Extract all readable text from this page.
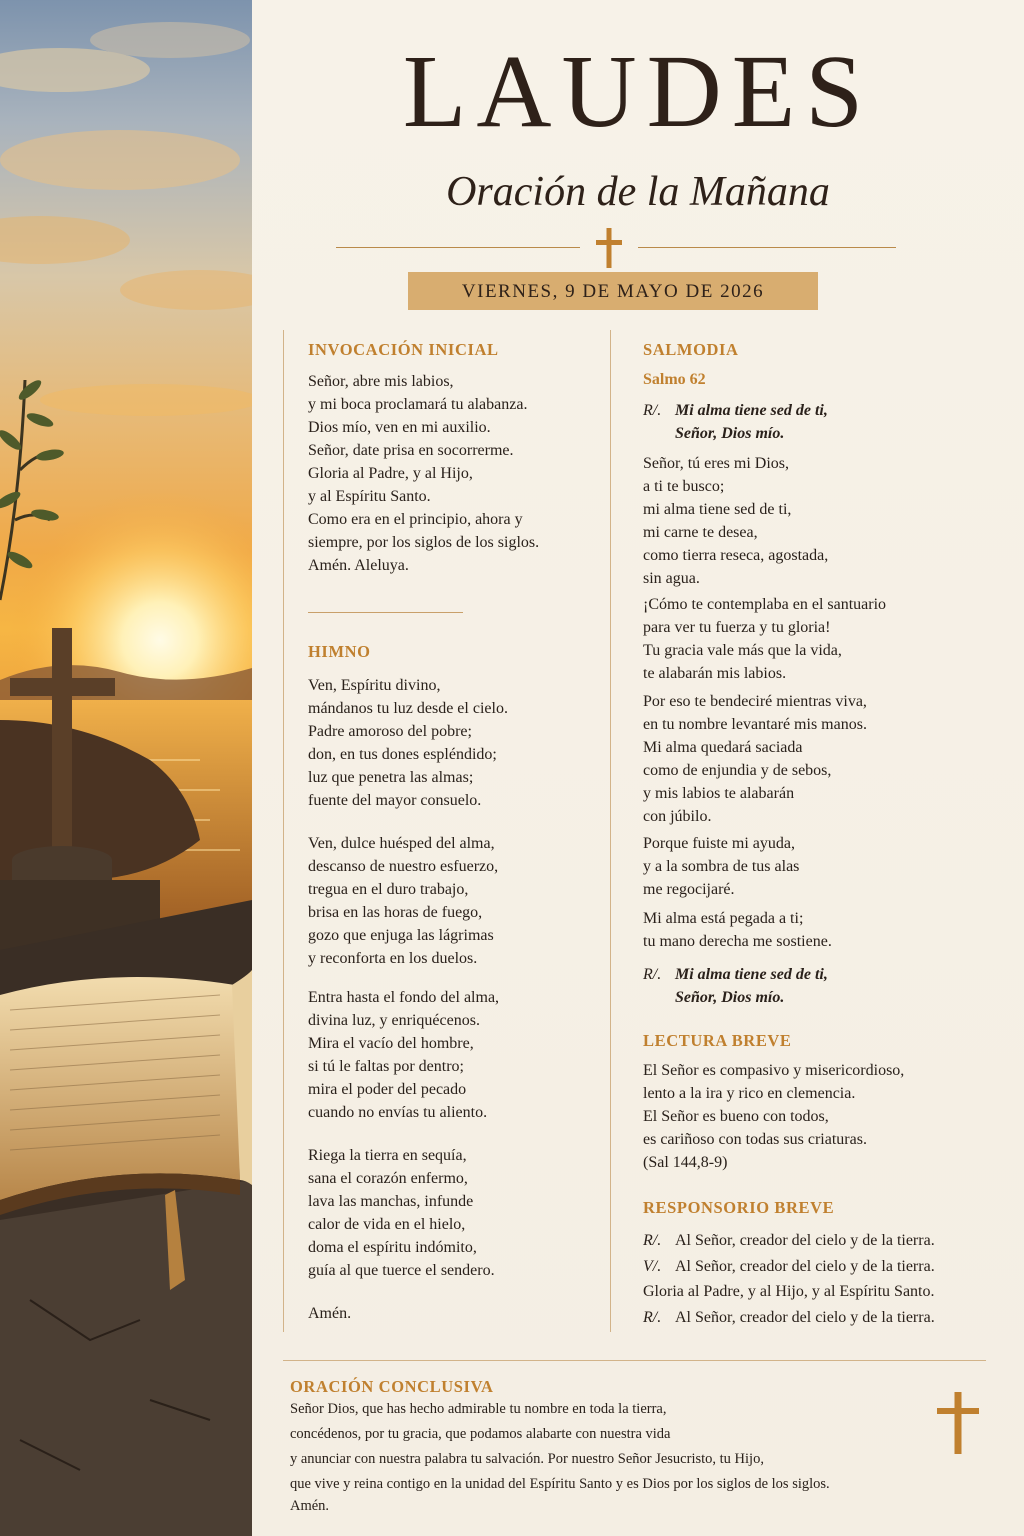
LAUDES
Oración de la Mañana
VIERNES, 9 DE MAYO DE 2026
INVOCACIÓN INICIAL
Señor, abre mis labios,
y mi boca proclamará tu alabanza.
Dios mío, ven en mi auxilio.
Señor, date prisa en socorrerme.
Gloria al Padre, y al Hijo,
y al Espíritu Santo.
Como era en el principio, ahora y
siempre, por los siglos de los siglos.
Amén. Aleluya.
HIMNO
Ven, Espíritu divino,
mándanos tu luz desde el cielo.
Padre amoroso del pobre;
don, en tus dones espléndido;
luz que penetra las almas;
fuente del mayor consuelo.
Ven, dulce huésped del alma,
descanso de nuestro esfuerzo,
tregua en el duro trabajo,
brisa en las horas de fuego,
gozo que enjuga las lágrimas
y reconforta en los duelos.
Entra hasta el fondo del alma,
divina luz, y enriquécenos.
Mira el vacío del hombre,
si tú le faltas por dentro;
mira el poder del pecado
cuando no envías tu aliento.
Riega la tierra en sequía,
sana el corazón enfermo,
lava las manchas, infunde
calor de vida en el hielo,
doma el espíritu indómito,
guía al que tuerce el sendero.
Amén.
SALMODIA
Salmo 62
R/. Mi alma tiene sed de ti,
Señor, Dios mío.
Señor, tú eres mi Dios,
a ti te busco;
mi alma tiene sed de ti,
mi carne te desea,
como tierra reseca, agostada,
sin agua.
¡Cómo te contemplaba en el santuario
para ver tu fuerza y tu gloria!
Tu gracia vale más que la vida,
te alabarán mis labios.
Por eso te bendeciré mientras viva,
en tu nombre levantaré mis manos.
Mi alma quedará saciada
como de enjundia y de sebos,
y mis labios te alabarán
con júbilo.
Porque fuiste mi ayuda,
y a la sombra de tus alas
me regocijaré.
Mi alma está pegada a ti;
tu mano derecha me sostiene.
R/. Mi alma tiene sed de ti,
Señor, Dios mío.
LECTURA BREVE
El Señor es compasivo y misericordioso,
lento a la ira y rico en clemencia.
El Señor es bueno con todos,
es cariñoso con todas sus criaturas.
(Sal 144,8-9)
RESPONSORIO BREVE
R/. Al Señor, creador del cielo y de la tierra.
V/. Al Señor, creador del cielo y de la tierra.
Gloria al Padre, y al Hijo, y al Espíritu Santo.
R/. Al Señor, creador del cielo y de la tierra.
ORACIÓN CONCLUSIVA
Señor Dios, que has hecho admirable tu nombre en toda la tierra,
concédenos, por tu gracia, que podamos alabarte con nuestra vida
y anunciar con nuestra palabra tu salvación. Por nuestro Señor Jesucristo, tu Hijo,
que vive y reina contigo en la unidad del Espíritu Santo y es Dios por los siglos de los siglos.
Amén.
